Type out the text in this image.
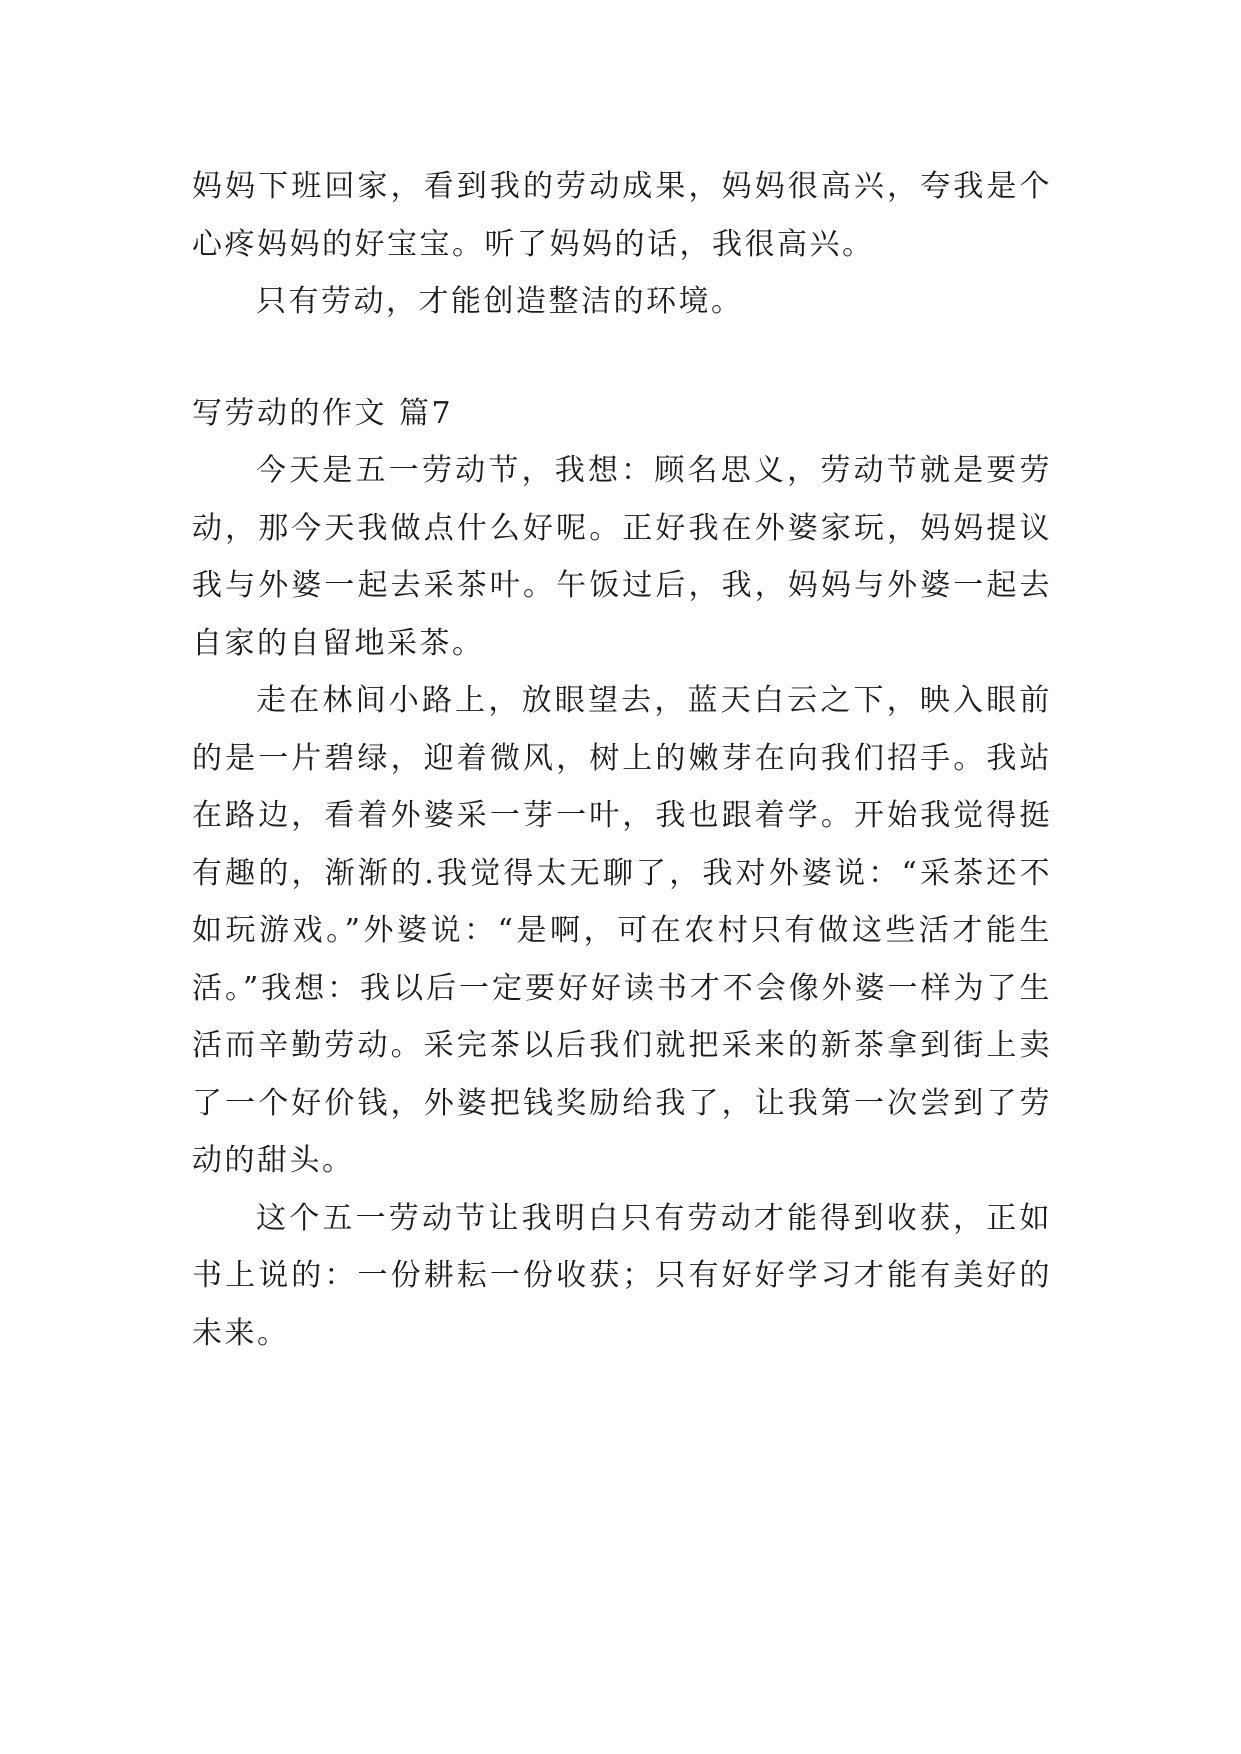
妈妈下班回家，看到我的劳动成果，妈妈很高兴，夸我是个心疼妈妈的好宝宝。听了妈妈的话，我很高兴。

只有劳动，才能创造整洁的环境。

写劳动的作文 篇7

今天是五一劳动节，我想：顾名思义，劳动节就是要劳动，那今天我做点什么好呢。正好我在外婆家玩，妈妈提议我与外婆一起去采茶叶。午饭过后，我，妈妈与外婆一起去自家的自留地采茶。

走在林间小路上，放眼望去，蓝天白云之下，映入眼前的是一片碧绿，迎着微风，树上的嫩芽在向我们招手。我站在路边，看着外婆采一芽一叶，我也跟着学。开始我觉得挺有趣的，渐渐的.我觉得太无聊了，我对外婆说：“采茶还不如玩游戏。”外婆说：“是啊，可在农村只有做这些活才能生活。”我想：我以后一定要好好读书才不会像外婆一样为了生活而辛勤劳动。采完茶以后我们就把采来的新茶拿到街上卖了一个好价钱，外婆把钱奖励给我了，让我第一次尝到了劳动的甜头。

这个五一劳动节让我明白只有劳动才能得到收获，正如书上说的：一份耕耘一份收获；只有好好学习才能有美好的未来。
